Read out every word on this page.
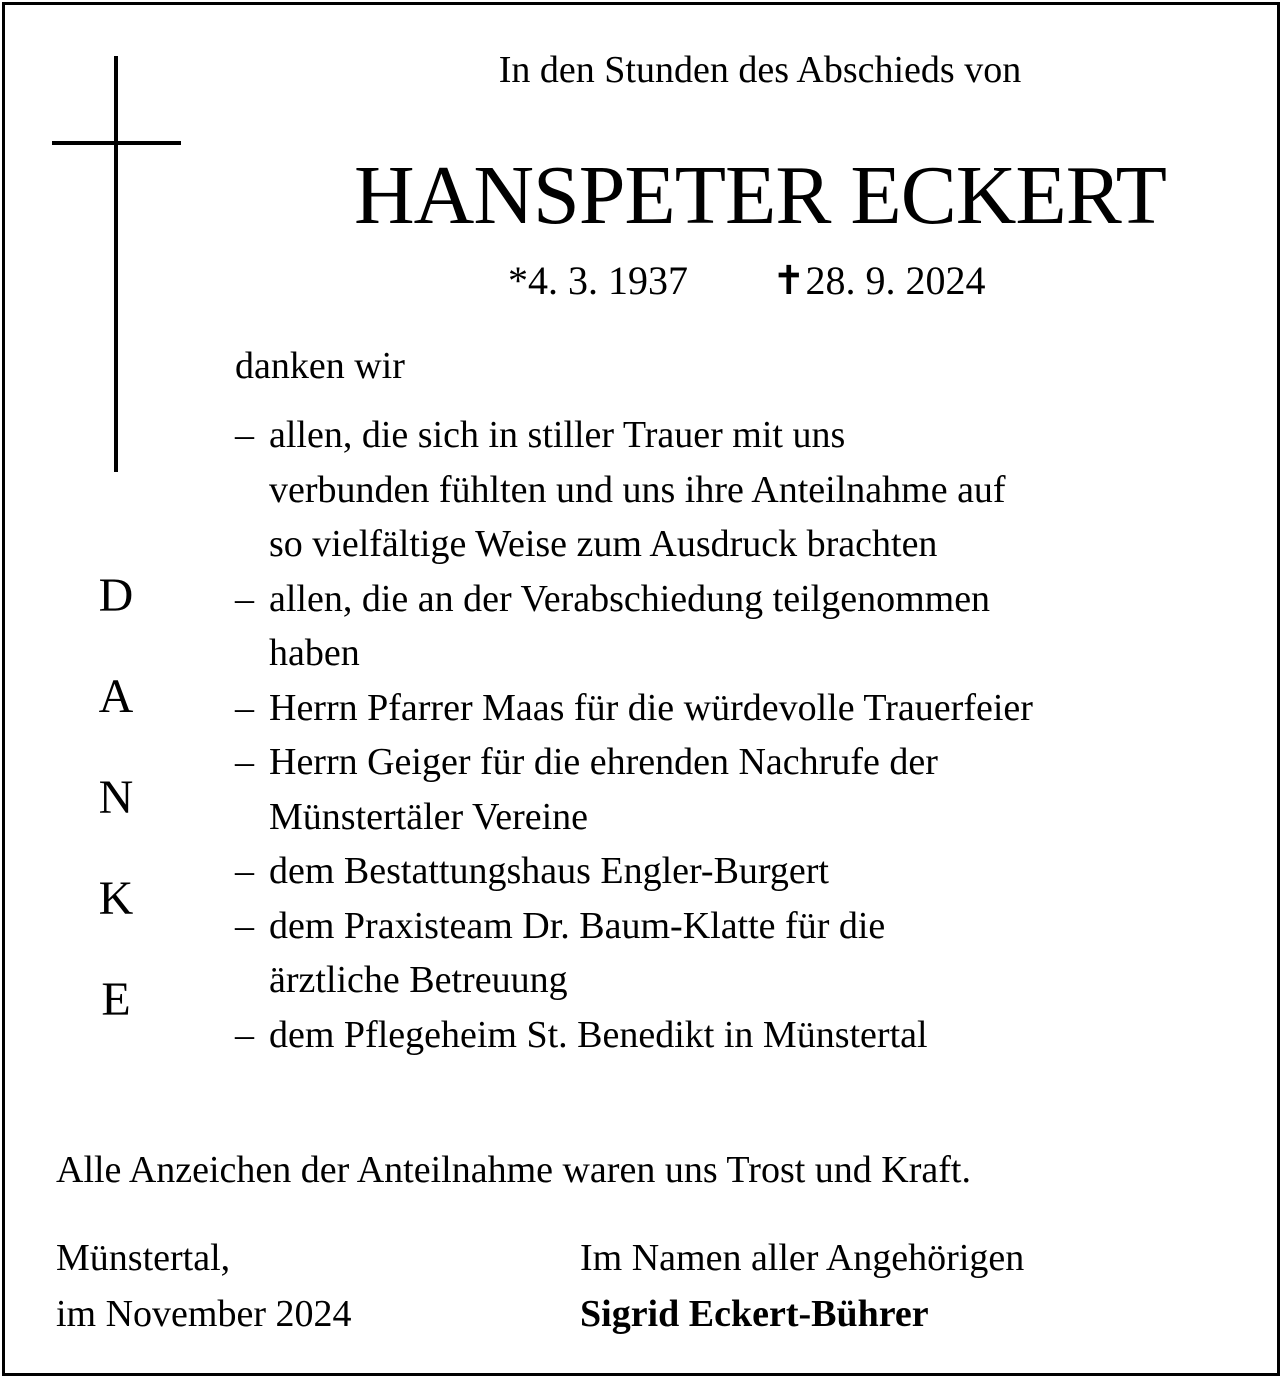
In den Stunden des Abschieds von
HANSPETER ECKERT
*4. 3. 1937 ✝28. 9. 2024
danken wir
D
A
N
K
E
– allen, die sich in stiller Trauer mit uns
verbunden fühlten und uns ihre Anteilnahme auf
so vielfältige Weise zum Ausdruck brachten
– allen, die an der Verabschiedung teilgenommen
haben
– Herrn Pfarrer Maas für die würdevolle Trauerfeier
– Herrn Geiger für die ehrenden Nachrufe der
Münstertäler Vereine
– dem Bestattungshaus Engler-Burgert
– dem Praxisteam Dr. Baum-Klatte für die
ärztliche Betreuung
– dem Pflegeheim St. Benedikt in Münstertal
Alle Anzeichen der Anteilnahme waren uns Trost und Kraft.
Münstertal,
im November 2024
Im Namen aller Angehörigen
Sigrid Eckert-Bührer
